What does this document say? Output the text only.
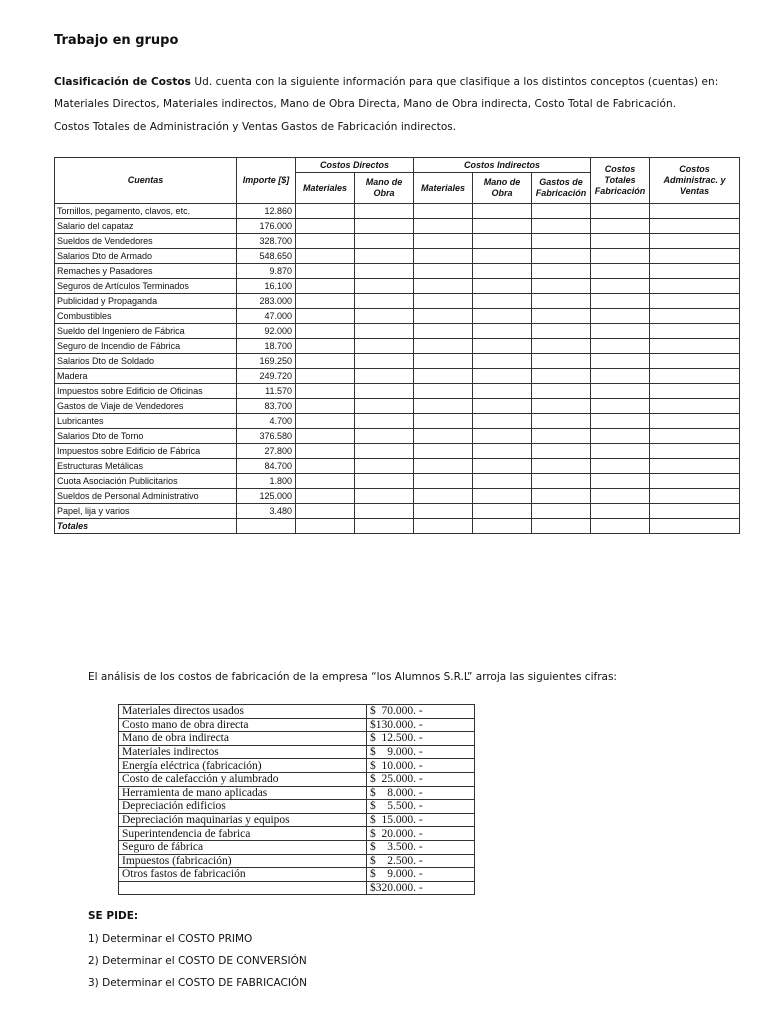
Trabajo en grupo
Clasificación de Costos Ud. cuenta con la siguiente información para que clasifique a los distintos conceptos (cuentas) en:
Materiales Directos, Materiales indirectos, Mano de Obra Directa, Mano de Obra indirecta, Costo Total de Fabricación.
Costos Totales de Administración y Ventas Gastos de Fabricación indirectos.
Cuentas	Importe [$]	Costos Directos		Costos Indirectos			Costos Totales Fabricación	Costos Administrac. y Ventas
		Materiales	Mano de Obra	Materiales	Mano de Obra	Gastos de Fabricación		
Tornillos, pegamento, clavos, etc.	12.860							
Salario del capataz	176.000							
Sueldos de Vendedores	328.700							
Salarios Dto de Armado	548.650							
Remaches y Pasadores	9.870							
Seguros de Artículos Terminados	16.100							
Publicidad y Propaganda	283.000							
Combustibles	47.000							
Sueldo del Ingeniero de Fábrica	92.000							
Seguro de Incendio de Fábrica	18.700							
Salarios Dto de Soldado	169.250							
Madera	249.720							
Impuestos sobre Edificio de Oficinas	11.570							
Gastos de Viaje de Vendedores	83.700							
Lubricantes	4.700							
Salarios Dto de Torno	376.580							
Impuestos sobre Edificio de Fábrica	27.800							
Estructuras Metálicas	84.700							
Cuota Asociación Publicitarios	1.800							
Sueldos de Personal Administrativo	125.000							
Papel, lija y varios	3.480							
Totales								
El análisis de los costos de fabricación de la empresa “los Alumnos S.R.L” arroja las siguientes cifras:
Materiales directos usados	$  70.000. -
Costo mano de obra directa	$130.000. -
Mano de obra indirecta	$  12.500. -
Materiales indirectos	$    9.000. -
Energía eléctrica (fabricación)	$  10.000. -
Costo de calefacción y alumbrado	$  25.000. -
Herramienta de mano aplicadas	$    8.000. -
Depreciación edificios	$    5.500. -
Depreciación maquinarias y equipos	$  15.000. -
Superintendencia de fabrica	$  20.000. -
Seguro de fábrica	$    3.500. -
Impuestos (fabricación)	$    2.500. -
Otros fastos de fabricación	$    9.000. -
	$320.000. -
SE PIDE:
1) Determinar el COSTO PRIMO
2) Determinar el COSTO DE CONVERSIÓN
3) Determinar el COSTO DE FABRICACIÓN
